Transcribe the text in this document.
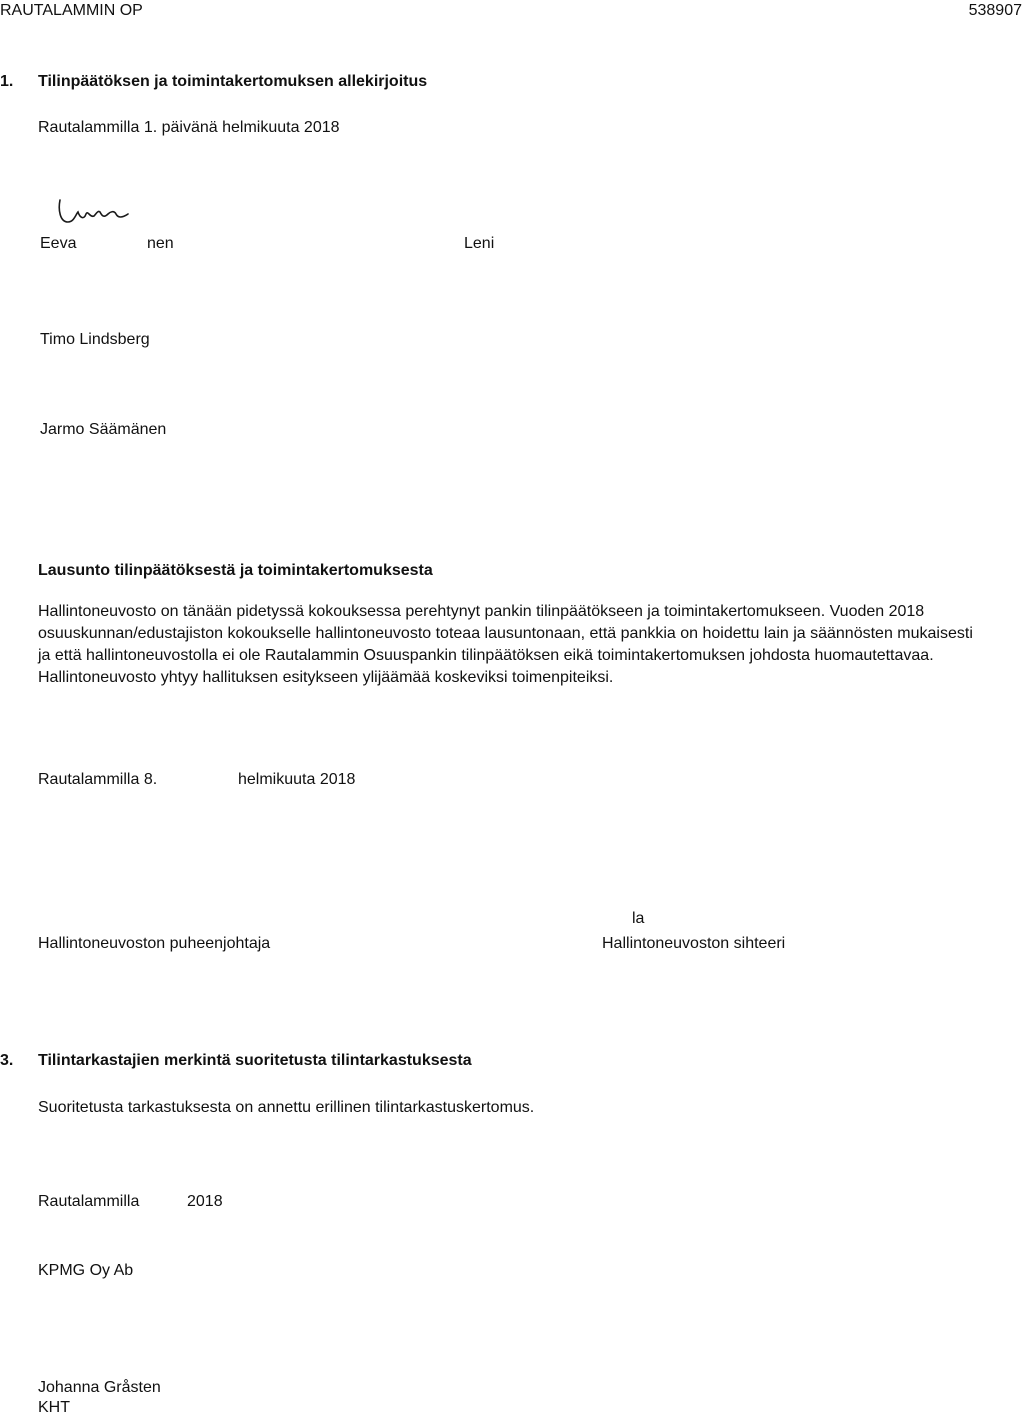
RAUTALAMMIN OP	538907
1. Tilinpäätöksen ja toimintakertomuksen allekirjoitus
Rautalammilla 1. päivänä helmikuuta 2018
Eeva	nen	Leni
Timo Lindsberg
Jarmo Säämänen
Lausunto tilinpäätöksestä ja toimintakertomuksesta
Hallintoneuvosto on tänään pidetyssä kokouksessa perehtynyt pankin tilinpäätökseen ja toimintakertomukseen. Vuoden 2018 osuuskunnan/edustajiston kokoukselle hallintoneuvosto toteaa lausuntonaan, että pankkia on hoidettu lain ja säännösten mukaisesti ja että hallintoneuvostolla ei ole Rautalammin Osuuspankin tilinpäätöksen eikä toimintakertomuksen johdosta huomautettavaa. Hallintoneuvosto yhtyy hallituksen esitykseen ylijäämää koskeviksi toimenpiteiksi.
Rautalammilla 8.	helmikuuta 2018
la
Hallintoneuvoston puheenjohtaja	Hallintoneuvoston sihteeri
3. Tilintarkastajien merkintä suoritetusta tilintarkastuksesta
Suoritetusta tarkastuksesta on annettu erillinen tilintarkastuskertomus.
Rautalammilla	2018
KPMG Oy Ab
Johanna Gråsten
KHT
